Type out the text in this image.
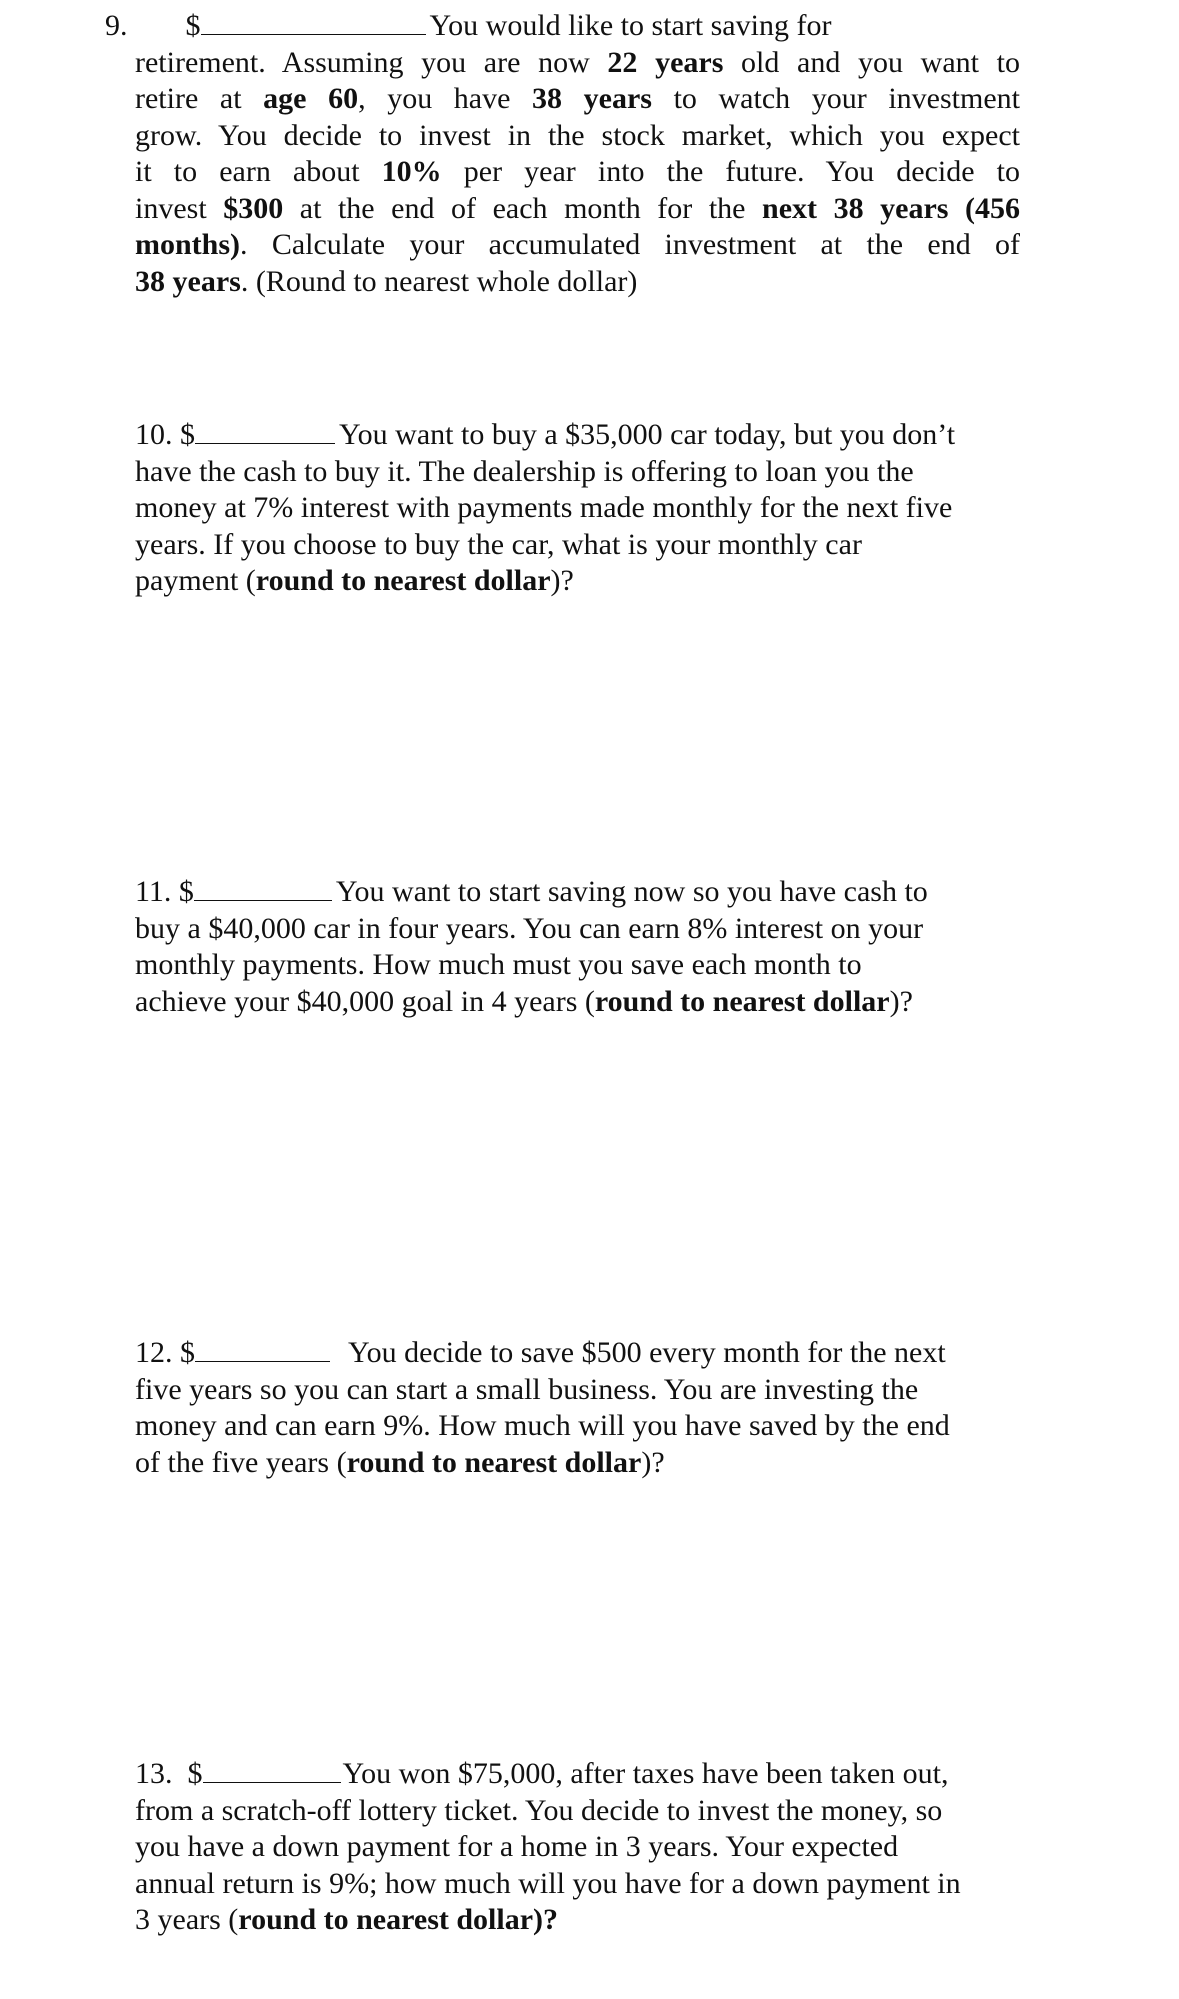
9. $	You would like to start saving for
retirement. Assuming you are now 22 years old and you want to
retire at age 60, you have 38 years to watch your investment
grow. You decide to invest in the stock market, which you expect
it to earn about 10% per year into the future. You decide to
invest $300 at the end of each month for the next 38 years (456
months). Calculate your accumulated investment at the end of
38 years. (Round to nearest whole dollar)
10. $	You want to buy a $35,000 car today, but you don’t
have the cash to buy it. The dealership is offering to loan you the
money at 7% interest with payments made monthly for the next five
years. If you choose to buy the car, what is your monthly car
payment (round to nearest dollar)?
11. $	You want to start saving now so you have cash to
buy a $40,000 car in four years. You can earn 8% interest on your
monthly payments. How much must you save each month to
achieve your $40,000 goal in 4 years (round to nearest dollar)?
12. $	You decide to save $500 every month for the next
five years so you can start a small business. You are investing the
money and can earn 9%. How much will you have saved by the end
of the five years (round to nearest dollar)?
13. $	You won $75,000, after taxes have been taken out,
from a scratch-off lottery ticket. You decide to invest the money, so
you have a down payment for a home in 3 years. Your expected
annual return is 9%; how much will you have for a down payment in
3 years (round to nearest dollar)?
